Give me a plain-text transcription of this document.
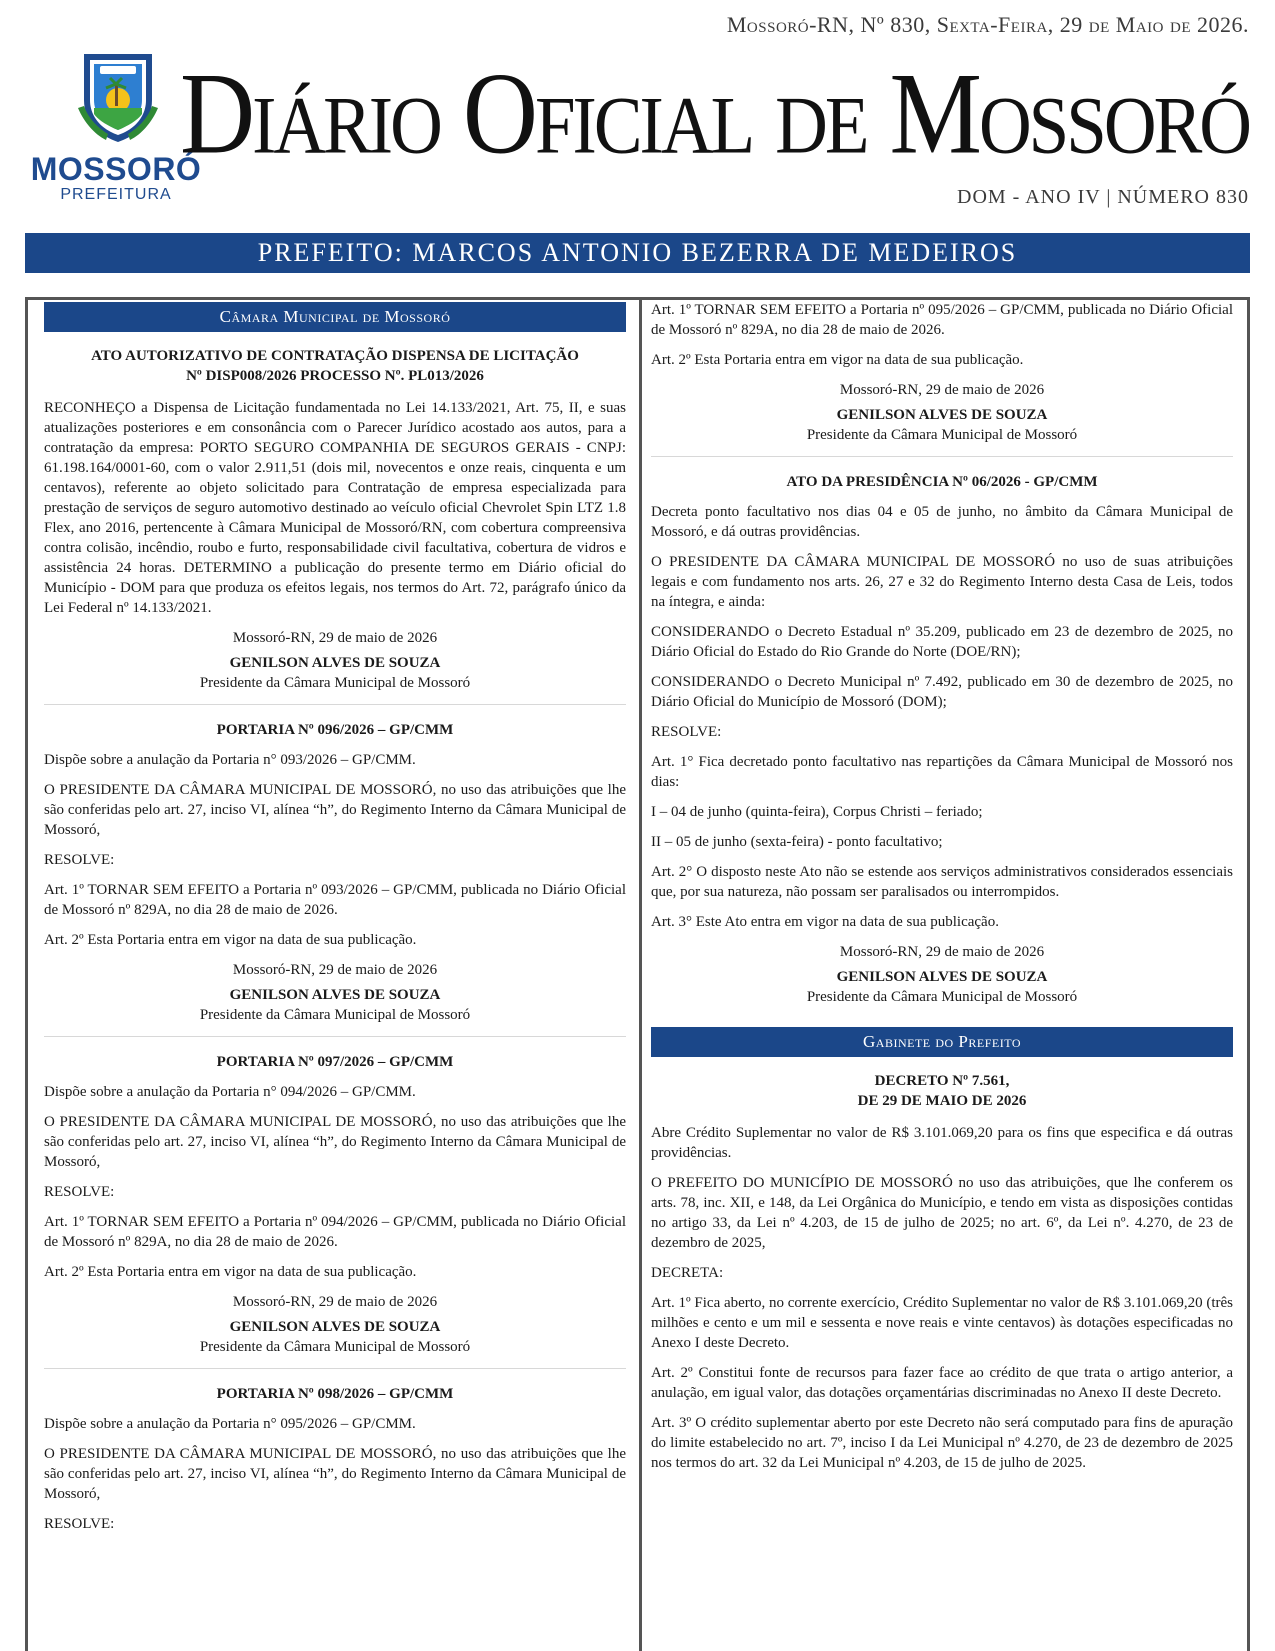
MOSSORÓ
PREFEITURA
Mossoró-RN, Nº 830, Sexta-Feira, 29 de Maio de 2026.
Diário Oficial de Mossoró
DOM - ANO IV | NÚMERO 830
PREFEITO: MARCOS ANTONIO BEZERRA DE MEDEIROS
Câmara Municipal de Mossoró
ATO AUTORIZATIVO DE CONTRATAÇÃO DISPENSA DE LICITAÇÃO
Nº DISP008/2026 PROCESSO Nº. PL013/2026
RECONHEÇO a Dispensa de Licitação fundamentada no Lei 14.133/2021, Art. 75, II, e suas atualizações posteriores e em consonância com o Parecer Jurídico acostado aos autos, para a contratação da empresa: PORTO SEGURO COMPANHIA DE SEGUROS GERAIS - CNPJ: 61.198.164/0001-60, com o valor 2.911,51 (dois mil, novecentos e onze reais, cinquenta e um centavos), referente ao objeto solicitado para Contratação de empresa especializada para prestação de serviços de seguro automotivo destinado ao veículo oficial Chevrolet Spin LTZ 1.8 Flex, ano 2016, pertencente à Câmara Municipal de Mossoró/RN, com cobertura compreensiva contra colisão, incêndio, roubo e furto, responsabilidade civil facultativa, cobertura de vidros e assistência 24 horas. DETERMINO a publicação do presente termo em Diário oficial do Município - DOM para que produza os efeitos legais, nos termos do Art. 72, parágrafo único da Lei Federal nº 14.133/2021.
Mossoró-RN, 29 de maio de 2026
GENILSON ALVES DE SOUZA
Presidente da Câmara Municipal de Mossoró
PORTARIA Nº 096/2026 – GP/CMM
Dispõe sobre a anulação da Portaria n° 093/2026 – GP/CMM.
O PRESIDENTE DA CÂMARA MUNICIPAL DE MOSSORÓ, no uso das atribuições que lhe são conferidas pelo art. 27, inciso VI, alínea “h”, do Regimento Interno da Câmara Municipal de Mossoró,
RESOLVE:
Art. 1º TORNAR SEM EFEITO a Portaria nº 093/2026 – GP/CMM, publicada no Diário Oficial de Mossoró nº 829A, no dia 28 de maio de 2026.
Art. 2º Esta Portaria entra em vigor na data de sua publicação.
Mossoró-RN, 29 de maio de 2026
GENILSON ALVES DE SOUZA
Presidente da Câmara Municipal de Mossoró
PORTARIA Nº 097/2026 – GP/CMM
Dispõe sobre a anulação da Portaria n° 094/2026 – GP/CMM.
O PRESIDENTE DA CÂMARA MUNICIPAL DE MOSSORÓ, no uso das atribuições que lhe são conferidas pelo art. 27, inciso VI, alínea “h”, do Regimento Interno da Câmara Municipal de Mossoró,
RESOLVE:
Art. 1º TORNAR SEM EFEITO a Portaria nº 094/2026 – GP/CMM, publicada no Diário Oficial de Mossoró nº 829A, no dia 28 de maio de 2026.
Art. 2º Esta Portaria entra em vigor na data de sua publicação.
Mossoró-RN, 29 de maio de 2026
GENILSON ALVES DE SOUZA
Presidente da Câmara Municipal de Mossoró
PORTARIA Nº 098/2026 – GP/CMM
Dispõe sobre a anulação da Portaria n° 095/2026 – GP/CMM.
O PRESIDENTE DA CÂMARA MUNICIPAL DE MOSSORÓ, no uso das atribuições que lhe são conferidas pelo art. 27, inciso VI, alínea “h”, do Regimento Interno da Câmara Municipal de Mossoró,
RESOLVE:
Art. 1º TORNAR SEM EFEITO a Portaria nº 095/2026 – GP/CMM, publicada no Diário Oficial de Mossoró nº 829A, no dia 28 de maio de 2026.
Art. 2º Esta Portaria entra em vigor na data de sua publicação.
Mossoró-RN, 29 de maio de 2026
GENILSON ALVES DE SOUZA
Presidente da Câmara Municipal de Mossoró
ATO DA PRESIDÊNCIA Nº 06/2026 - GP/CMM
Decreta ponto facultativo nos dias 04 e 05 de junho, no âmbito da Câmara Municipal de Mossoró, e dá outras providências.
O PRESIDENTE DA CÂMARA MUNICIPAL DE MOSSORÓ no uso de suas atribuições legais e com fundamento nos arts. 26, 27 e 32 do Regimento Interno desta Casa de Leis, todos na íntegra, e ainda:
CONSIDERANDO o Decreto Estadual nº 35.209, publicado em 23 de dezembro de 2025, no Diário Oficial do Estado do Rio Grande do Norte (DOE/RN);
CONSIDERANDO o Decreto Municipal nº 7.492, publicado em 30 de dezembro de 2025, no Diário Oficial do Município de Mossoró (DOM);
RESOLVE:
Art. 1° Fica decretado ponto facultativo nas repartições da Câmara Municipal de Mossoró nos dias:
I – 04 de junho (quinta-feira), Corpus Christi – feriado;
II – 05 de junho (sexta-feira) - ponto facultativo;
Art. 2° O disposto neste Ato não se estende aos serviços administrativos considerados essenciais que, por sua natureza, não possam ser paralisados ou interrompidos.
Art. 3° Este Ato entra em vigor na data de sua publicação.
Mossoró-RN, 29 de maio de 2026
GENILSON ALVES DE SOUZA
Presidente da Câmara Municipal de Mossoró
Gabinete do Prefeito
DECRETO Nº 7.561,
DE 29 DE MAIO DE 2026
Abre Crédito Suplementar no valor de R$ 3.101.069,20 para os fins que especifica e dá outras providências.
O PREFEITO DO MUNICÍPIO DE MOSSORÓ no uso das atribuições, que lhe conferem os arts. 78, inc. XII, e 148, da Lei Orgânica do Município, e tendo em vista as disposições contidas no artigo 33, da Lei nº 4.203, de 15 de julho de 2025; no art. 6º, da Lei nº. 4.270, de 23 de dezembro de 2025,
DECRETA:
Art. 1º Fica aberto, no corrente exercício, Crédito Suplementar no valor de R$ 3.101.069,20 (três milhões e cento e um mil e sessenta e nove reais e vinte centavos) às dotações especificadas no Anexo I deste Decreto.
Art. 2º Constitui fonte de recursos para fazer face ao crédito de que trata o artigo anterior, a anulação, em igual valor, das dotações orçamentárias discriminadas no Anexo II deste Decreto.
Art. 3º O crédito suplementar aberto por este Decreto não será computado para fins de apuração do limite estabelecido no art. 7º, inciso I da Lei Municipal nº 4.270, de 23 de dezembro de 2025 nos termos do art. 32 da Lei Municipal nº 4.203, de 15 de julho de 2025.
